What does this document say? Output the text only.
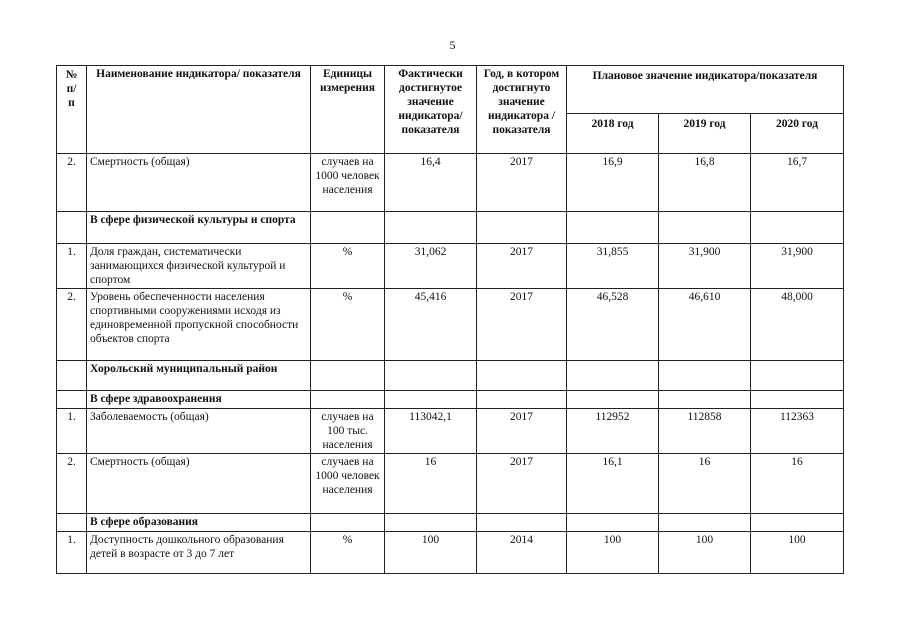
5
№ п/ п	Наименование индикатора/ показателя	Единицы измерения	Фактически достигнутое значение индикатора/ показателя	Год, в котором достигнуто значение индикатора /показателя	Плановое значение индикатора/показателя		
					2018 год	2019 год	2020 год
2.	Смертность (общая)	случаев на 1000 человек населения	16,4	2017	16,9	16,8	16,7
	В сфере физической культуры и спорта						
1.	Доля граждан, систематически занимающихся физической культурой и спортом	%	31,062	2017	31,855	31,900	31,900
2.	Уровень обеспеченности населения спортивными сооружениями исходя из единовременной пропускной способности объектов спорта	%	45,416	2017	46,528	46,610	48,000
	Хорольский муниципальный район						
	В сфере здравоохранения						
1.	Заболеваемость (общая)	случаев на 100 тыс. населения	113042,1	2017	112952	112858	112363
2.	Смертность (общая)	случаев на 1000 человек населения	16	2017	16,1	16	16
	В сфере образования						
1.	Доступность дошкольного образования детей в возрасте от 3 до 7 лет	%	100	2014	100	100	100
